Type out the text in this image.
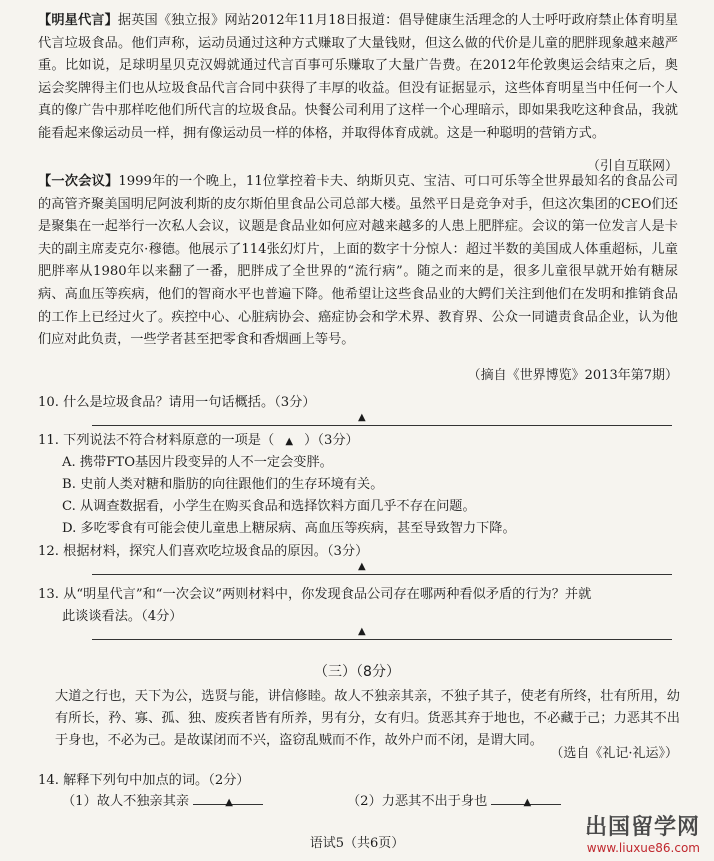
【明星代言】据英国《独立报》网站2012年11月18日报道：倡导健康生活理念的人士呼吁政府禁止体育明星代言垃圾食品。他们声称，运动员通过这种方式赚取了大量钱财，但这么做的代价是儿童的肥胖现象越来越严重。比如说，足球明星贝克汉姆就通过代言百事可乐赚取了大量广告费。在2012年伦敦奥运会结束之后，奥运会奖牌得主们也从垃圾食品代言合同中获得了丰厚的收益。但没有证据显示，这些体育明星当中任何一个人真的像广告中那样吃他们所代言的垃圾食品。快餐公司利用了这样一个心理暗示，即如果我吃这种食品，我就能看起来像运动员一样，拥有像运动员一样的体格，并取得体育成就。这是一种聪明的营销方式。
（引自互联网）
【一次会议】1999年的一个晚上，11位掌控着卡夫、纳斯贝克、宝洁、可口可乐等全世界最知名的食品公司的高管齐聚美国明尼阿波利斯的皮尔斯伯里食品公司总部大楼。虽然平日是竞争对手，但这次集团的CEO们还是聚集在一起举行一次私人会议，议题是食品业如何应对越来越多的人患上肥胖症。会议的第一位发言人是卡夫的副主席麦克尔·穆德。他展示了114张幻灯片，上面的数字十分惊人：超过半数的美国成人体重超标，儿童肥胖率从1980年以来翻了一番，肥胖成了全世界的“流行病”。随之而来的是，很多儿童很早就开始有糖尿病、高血压等疾病，他们的智商水平也普遍下降。他希望让这些食品业的大鳄们关注到他们在发明和推销食品的工作上已经过火了。疾控中心、心脏病协会、癌症协会和学术界、教育界、公众一同谴责食品企业，认为他们应对此负责，一些学者甚至把零食和香烟画上等号。
（摘自《世界博览》2013年第7期）
10. 什么是垃圾食品？请用一句话概括。（3分）
▲
11. 下列说法不符合材料原意的一项是（ ▲ ）（3分）
A. 携带FTO基因片段变异的人不一定会变胖。
B. 史前人类对糖和脂肪的向往跟他们的生存环境有关。
C. 从调查数据看，小学生在购买食品和选择饮料方面几乎不存在问题。
D. 多吃零食有可能会使儿童患上糖尿病、高血压等疾病，甚至导致智力下降。
12. 根据材料，探究人们喜欢吃垃圾食品的原因。（3分）
▲
13. 从“明星代言”和“一次会议”两则材料中，你发现食品公司存在哪两种看似矛盾的行为？并就
此谈谈看法。（4分）
▲
（三）（8分）
大道之行也，天下为公，选贤与能，讲信修睦。故人不独亲其亲，不独子其子，使老有所终，壮有所用，幼有所长，矜、寡、孤、独、废疾者皆有所养，男有分，女有归。货恶其弃于地也，不必藏于己；力恶其不出于身也，不必为己。是故谋闭而不兴，盗窃乱贼而不作，故外户而不闭，是谓大同。
（选自《礼记·礼运》）
14. 解释下列句中加点的词。（2分）
（1）故人不独亲其亲	▲	（2）力恶其不出于身也	▲
语试5（共6页）
出国留学网
www.liuxue86.com
